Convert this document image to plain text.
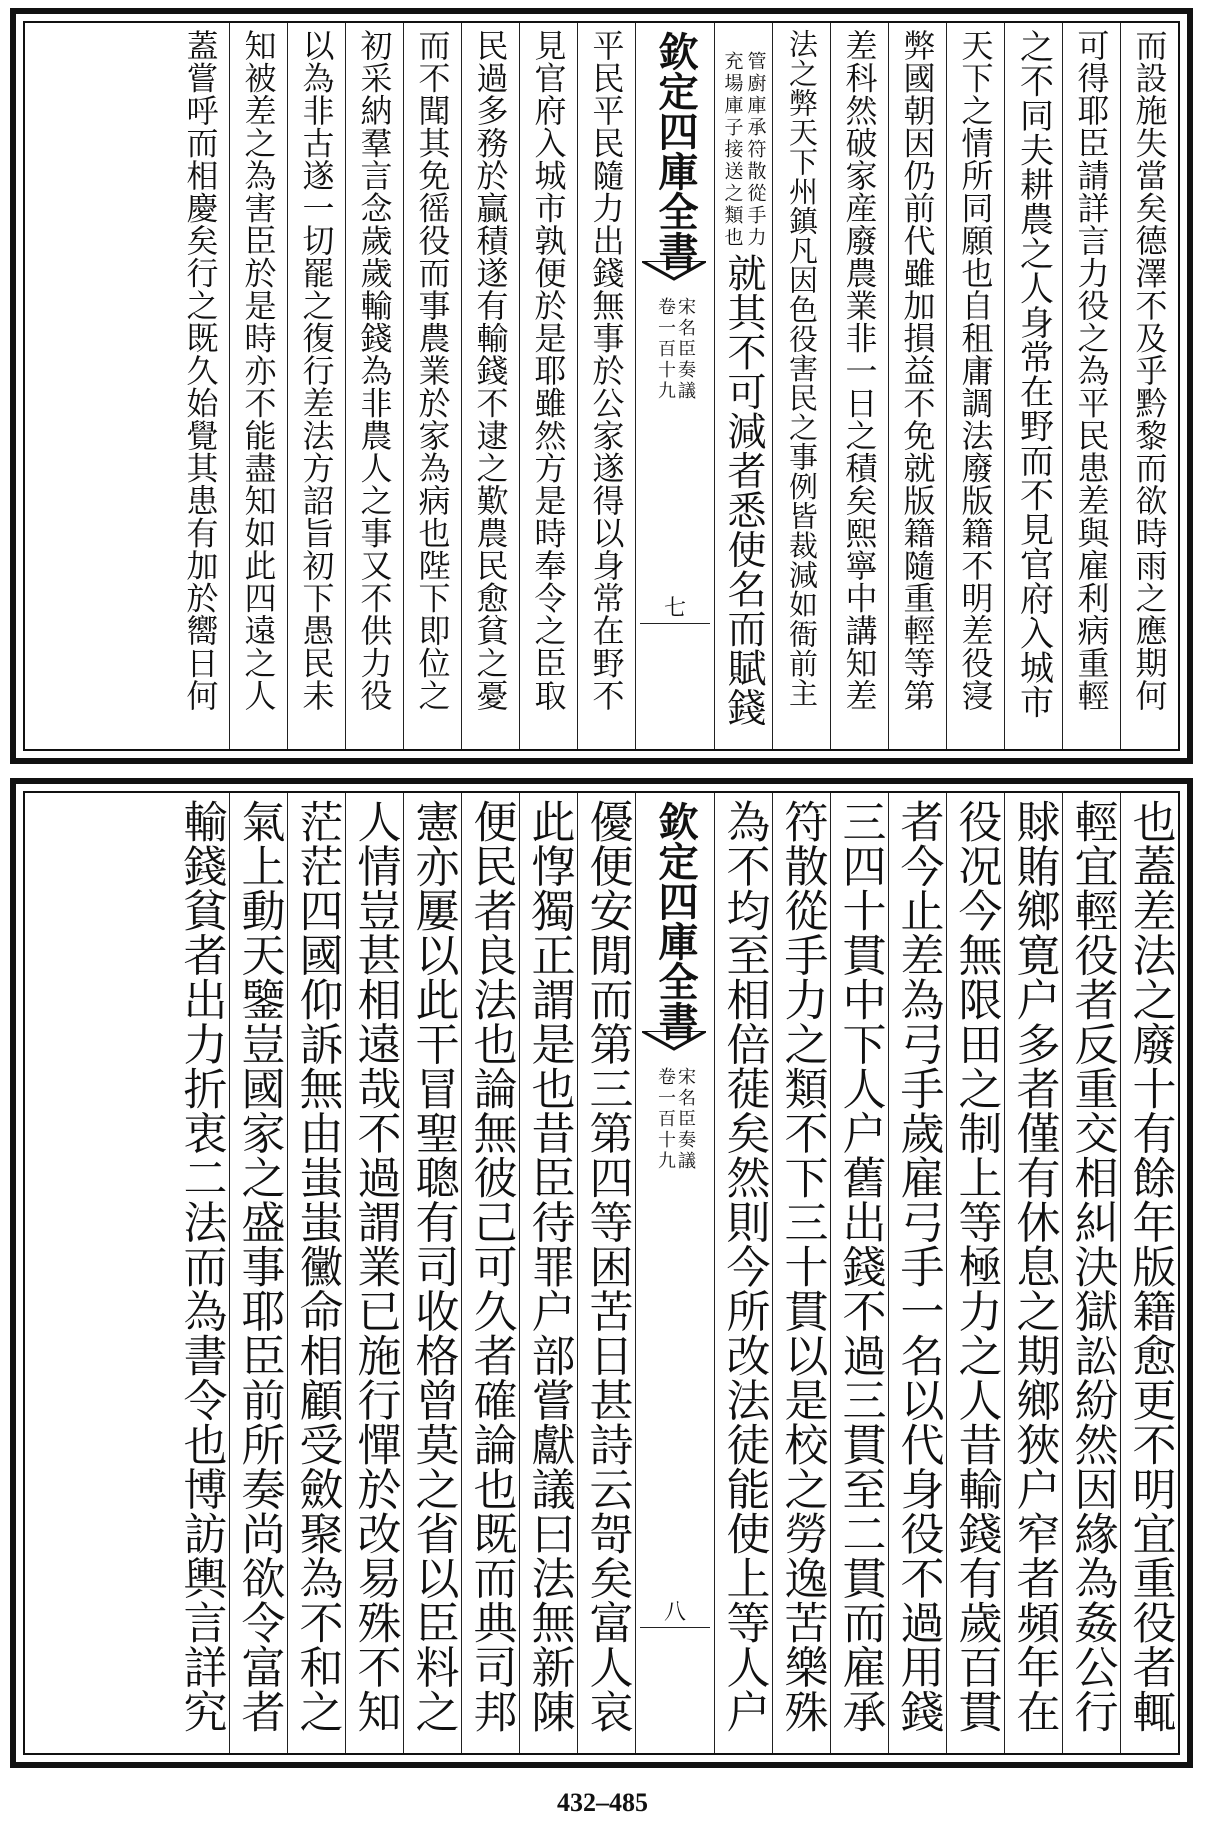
而設施失當矣德澤不及乎黔黎而欲時雨之應期何
可得耶臣請詳言力役之為平民患差與雇利病重輕
之不同夫耕農之人身常在野而不見官府入城市
天下之情所同願也自租庸調法廢版籍不明差役寖
弊國朝因仍前代雖加損益不免就版籍隨重輕等第
差科然破家産廢農業非一日之積矣熙寧中講知差
法之弊天下州鎮凡因色役害民之事例皆裁減如衙前主
管廚庫承符散從手力
充場庫子接送之類也
就其不可減者悉使名而賦錢
欽定四庫全書
宋名臣奏議
卷一百十九
七
平民平民隨力出錢無事於公家遂得以身常在野不
見官府入城市孰便於是耶雖然方是時奉令之臣取
民過多務於贏積遂有輸錢不逮之歎農民愈貧之憂
而不聞其免徭役而事農業於家為病也陛下即位之
初采納羣言念歲歲輸錢為非農人之事又不供力役
以為非古遂一切罷之復行差法方詔旨初下愚民未
知被差之為害臣於是時亦不能盡知如此四遠之人
蓋嘗呼而相慶矣行之既久始覺其患有加於嚮日何
也蓋差法之廢十有餘年版籍愈更不明宜重役者輒
輕宜輕役者反重交相糾決獄訟紛然因緣為姦公行
賕賄鄉寛户多者僅有休息之期鄉狹户窄者頻年在
役况今無限田之制上等極力之人昔輸錢有歲百貫
者今止差為弓手歲雇弓手一名以代身役不過用錢
三四十貫中下人户舊出錢不過三貫至二貫而雇承
符散從手力之類不下三十貫以是校之勞逸苦樂殊
為不均至相倍蓰矣然則今所改法徒能使上等人户
欽定四庫全書
宋名臣奏議
卷一百十九
八
優便安閒而第三第四等困苦日甚詩云哿矣富人哀
此惸獨正謂是也昔臣待罪户部嘗獻議曰法無新陳
便民者良法也論無彼己可久者確論也既而典司邦
憲亦屢以此干冒聖聰有司收格曾莫之省以臣料之
人情豈甚相遠哉不過謂業已施行憚於改易殊不知
茫茫四國仰訴無由蚩蚩黴命相顧受斂聚為不和之
氣上動天鑒豈國家之盛事耶臣前所奏尚欲令富者
輸錢貧者出力折衷二法而為書令也博訪輿言詳究
432–485
